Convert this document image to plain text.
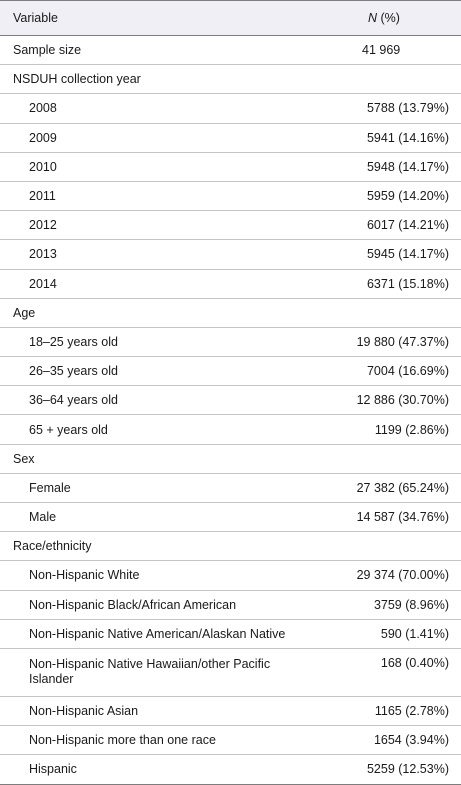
Variable	N (%)

Sample size	41 969
NSDUH collection year	
2008	5788 (13.79%)
2009	5941 (14.16%)
2010	5948 (14.17%)
2011	5959 (14.20%)
2012	6017 (14.21%)
2013	5945 (14.17%)
2014	6371 (15.18%)
Age	
18–25 years old	19 880 (47.37%)
26–35 years old	7004 (16.69%)
36–64 years old	12 886 (30.70%)
65 + years old	1199 (2.86%)
Sex	
Female	27 382 (65.24%)
Male	14 587 (34.76%)
Race/ethnicity	
Non-Hispanic White	29 374 (70.00%)
Non-Hispanic Black/African American	3759 (8.96%)
Non-Hispanic Native American/Alaskan Native	590 (1.41%)
Non-Hispanic Native Hawaiian/other Pacific Islander	168 (0.40%)
Non-Hispanic Asian	1165 (2.78%)
Non-Hispanic more than one race	1654 (3.94%)
Hispanic	5259 (12.53%)
